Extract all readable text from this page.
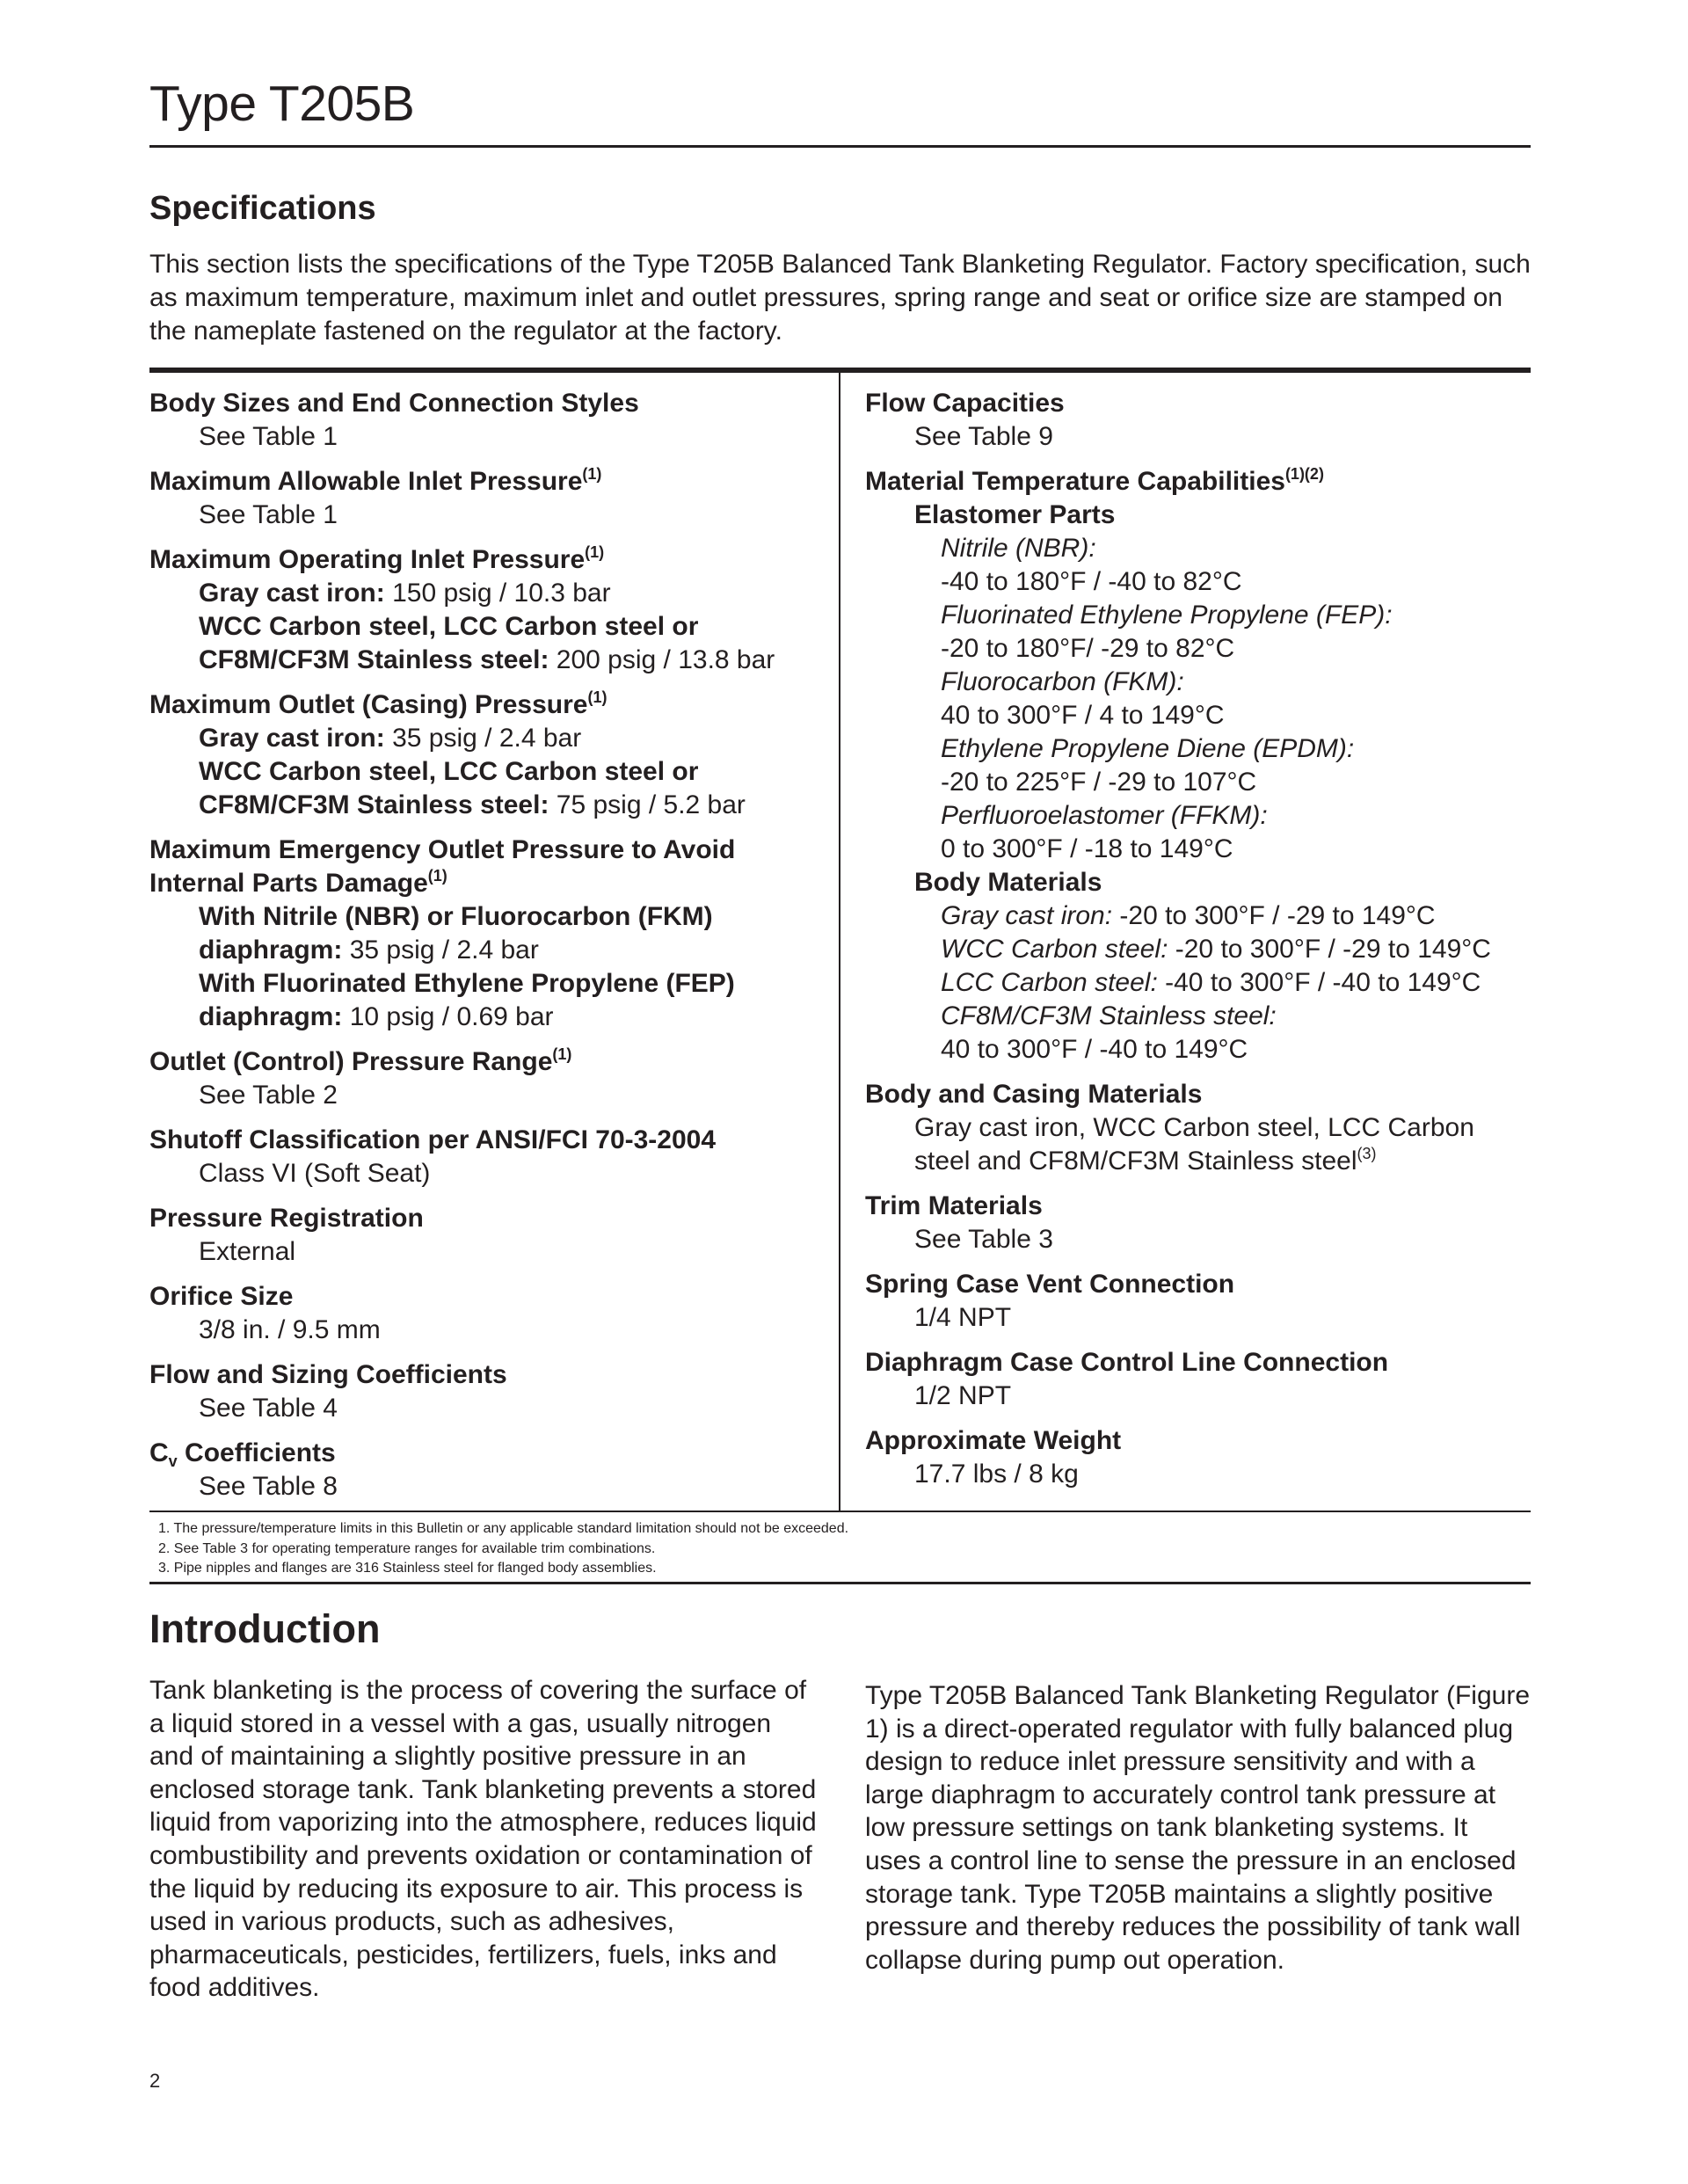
Type T205B
Specifications

This section lists the specifications of the Type T205B Balanced Tank Blanketing Regulator. Factory specification, such as maximum temperature, maximum inlet and outlet pressures, spring range and seat or orifice size are stamped on the nameplate fastened on the regulator at the factory.

Body Sizes and End Connection Styles
See Table 1
Maximum Allowable Inlet Pressure$^{(1)}$
See Table 1
Maximum Operating Inlet Pressure$^{(1)}$
Gray cast iron: 150 psig / 10.3 bar
WCC Carbon steel, LCC Carbon steel or
CF8M/CF3M Stainless steel: 200 psig / 13.8 bar
Maximum Outlet (Casing) Pressure$^{(1)}$
Gray cast iron: 35 psig / 2.4 bar
WCC Carbon steel, LCC Carbon steel or
CF8M/CF3M Stainless steel: 75 psig / 5.2 bar
Maximum Emergency Outlet Pressure to Avoid
Internal Parts Damage$^{(1)}$
With Nitrile (NBR) or Fluorocarbon (FKM)
diaphragm: 35 psig / 2.4 bar
With Fluorinated Ethylene Propylene (FEP)
diaphragm: 10 psig / 0.69 bar
Outlet (Control) Pressure Range$^{(1)}$
See Table 2
Shutoff Classification per ANSI/FCI 70-3-2004
Class VI (Soft Seat)
Pressure Registration
External
Orifice Size
3/8 in. / 9.5 mm
Flow and Sizing Coefficients
See Table 4
$C_v$ Coefficients
See Table 8
Flow Capacities
See Table 9
Material Temperature Capabilities$^{(1)(2)}$
Elastomer Parts
Nitrile (NBR):
-40 to 180°F / -40 to 82°C
Fluorinated Ethylene Propylene (FEP):
-20 to 180°F/ -29 to 82°C
Fluorocarbon (FKM):
40 to 300°F / 4 to 149°C
Ethylene Propylene Diene (EPDM):
-20 to 225°F / -29 to 107°C
Perfluoroelastomer (FFKM):
0 to 300°F / -18 to 149°C
Body Materials
Gray cast iron: -20 to 300°F / -29 to 149°C
WCC Carbon steel: -20 to 300°F / -29 to 149°C
LCC Carbon steel: -40 to 300°F / -40 to 149°C
CF8M/CF3M Stainless steel:
40 to 300°F / -40 to 149°C
Body and Casing Materials
Gray cast iron, WCC Carbon steel, LCC Carbon
steel and CF8M/CF3M Stainless steel$^{(3)}$
Trim Materials
See Table 3
Spring Case Vent Connection
1/4 NPT
Diaphragm Case Control Line Connection
1/2 NPT
Approximate Weight
17.7 lbs / 8 kg
1. The pressure/temperature limits in this Bulletin or any applicable standard limitation should not be exceeded.
2. See Table 3 for operating temperature ranges for available trim combinations.
3. Pipe nipples and flanges are 316 Stainless steel for flanged body assemblies.
Introduction

Tank blanketing is the process of covering the surface of a liquid stored in a vessel with a gas, usually nitrogen and of maintaining a slightly positive pressure in an enclosed storage tank. Tank blanketing prevents a stored liquid from vaporizing into the atmosphere, reduces liquid combustibility and prevents oxidation or contamination of the liquid by reducing its exposure to air. This process is used in various products, such as adhesives, pharmaceuticals, pesticides, fertilizers, fuels, inks and food additives.

Type T205B Balanced Tank Blanketing Regulator (Figure 1) is a direct-operated regulator with fully balanced plug design to reduce inlet pressure sensitivity and with a large diaphragm to accurately control tank pressure at low pressure settings on tank blanketing systems. It uses a control line to sense the pressure in an enclosed storage tank. Type T205B maintains a slightly positive pressure and thereby reduces the possibility of tank wall collapse during pump out operation.

2
